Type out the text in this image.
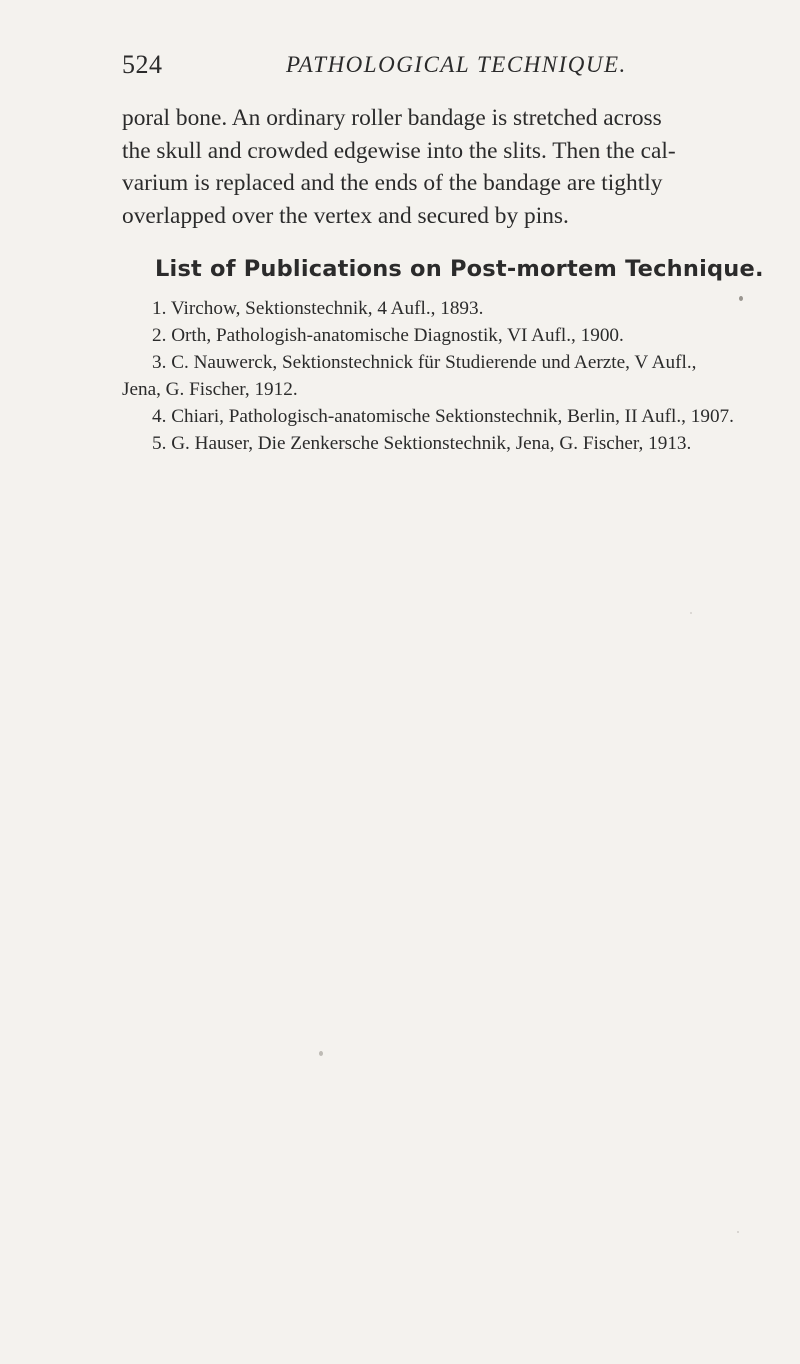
524	PATHOLOGICAL TECHNIQUE.

poral bone. An ordinary roller bandage is stretched across
the skull and crowded edgewise into the slits. Then the cal-
varium is replaced and the ends of the bandage are tightly
overlapped over the vertex and secured by pins.

List of Publications on Post-mortem Technique.
1. Virchow, Sektionstechnik, 4 Aufl., 1893.
2. Orth, Pathologish-anatomische Diagnostik, VI Aufl., 1900.
3. C. Nauwerck, Sektionstechnick für Studierende und Aerzte, V Aufl.,
Jena, G. Fischer, 1912.
4. Chiari, Pathologisch-anatomische Sektionstechnik, Berlin, II Aufl., 1907.
5. G. Hauser, Die Zenkersche Sektionstechnik, Jena, G. Fischer, 1913.
